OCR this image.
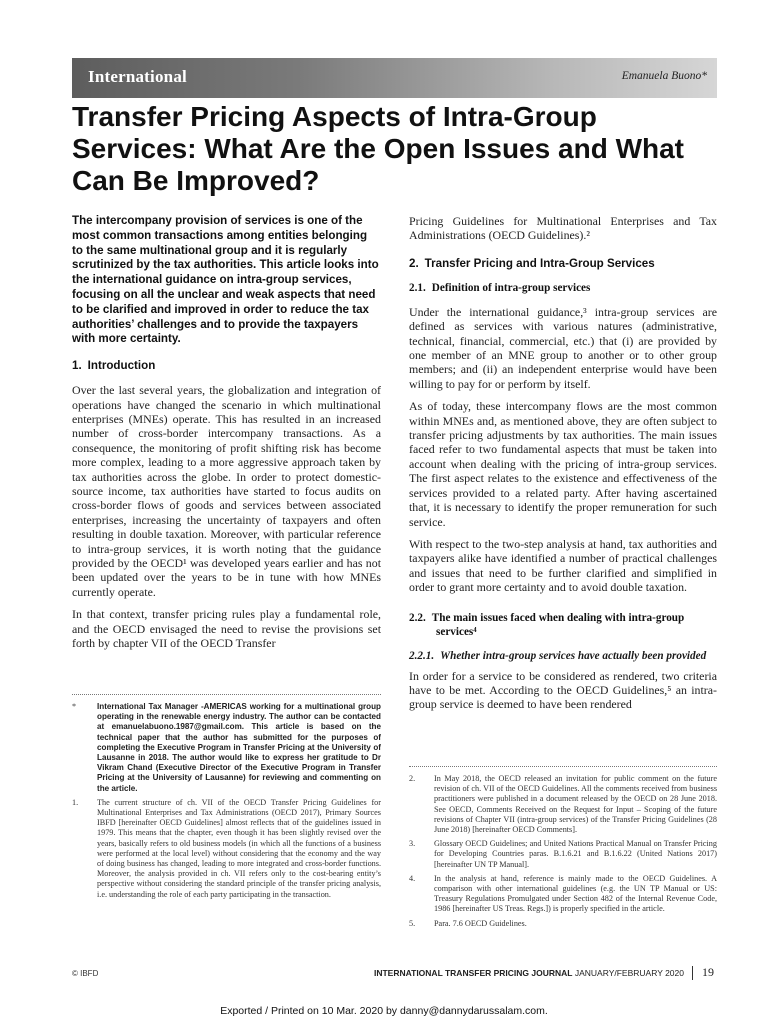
International	Emanuela Buono*
Transfer Pricing Aspects of Intra-Group Services: What Are the Open Issues and What Can Be Improved?

The intercompany provision of services is one of the most common transactions among entities belonging to the same multinational group and it is regularly scrutinized by the tax authorities. This article looks into the international guidance on intra-group services, focusing on all the unclear and weak aspects that need to be clarified and improved in order to reduce the tax authorities’ challenges and to provide the taxpayers with more certainty.

1. Introduction

Over the last several years, the globalization and integration of operations have changed the scenario in which multinational enterprises (MNEs) operate. This has resulted in an increased number of cross-border intercompany transactions. As a consequence, the monitoring of profit shifting risk has become more complex, leading to a more aggressive approach taken by tax authorities across the globe. In order to protect domestic-source income, tax authorities have started to focus audits on cross-border flows of goods and services between associated enterprises, increasing the uncertainty of taxpayers and often resulting in double taxation. Moreover, with particular reference to intra-group services, it is worth noting that the guidance provided by the OECD¹ was developed years earlier and has not been updated over the years to be in tune with how MNEs currently operate.

In that context, transfer pricing rules play a fundamental role, and the OECD envisaged the need to revise the provisions set forth by chapter VII of the OECD Transfer

Pricing Guidelines for Multinational Enterprises and Tax Administrations (OECD Guidelines).²

2. Transfer Pricing and Intra-Group Services
2.1. Definition of intra-group services

Under the international guidance,³ intra-group services are defined as services with various natures (administrative, technical, financial, commercial, etc.) that (i) are provided by one member of an MNE group to another or to other group members; and (ii) an independent enterprise would have been willing to pay for or perform by itself.

As of today, these intercompany flows are the most common within MNEs and, as mentioned above, they are often subject to transfer pricing adjustments by tax authorities. The main issues faced refer to two fundamental aspects that must be taken into account when dealing with the pricing of intra-group services. The first aspect relates to the existence and effectiveness of the services provided to a related party. After having ascertained that, it is necessary to identify the proper remuneration for such service.

With respect to the two-step analysis at hand, tax authorities and taxpayers alike have identified a number of practical challenges and issues that need to be further clarified and simplified in order to grant more certainty and to avoid double taxation.

2.2. The main issues faced when dealing with intra-group services⁴
2.2.1. Whether intra-group services have actually been provided

In order for a service to be considered as rendered, two criteria have to be met. According to the OECD Guidelines,⁵ an intra-group service is deemed to have been rendered

*	International Tax Manager -AMERICAS working for a multinational group operating in the renewable energy industry. The author can be contacted at emanuelabuono.1987@gmail.com. This article is based on the technical paper that the author has submitted for the purposes of completing the Executive Program in Transfer Pricing at the University of Lausanne in 2018. The author would like to express her gratitude to Dr Vikram Chand (Executive Director of the Executive Program in Transfer Pricing at the University of Lausanne) for reviewing and commenting on the article.
1.	The current structure of ch. VII of the OECD Transfer Pricing Guidelines for Multinational Enterprises and Tax Administrations (OECD 2017), Primary Sources IBFD [hereinafter OECD Guidelines] almost reflects that of the guidelines issued in 1979. This means that the chapter, even though it has been slightly revised over the years, basically refers to old business models (in which all the functions of a business were performed at the local level) without considering that the economy and the way of doing business has changed, leading to more integrated and cross-border functions. Moreover, the analysis provided in ch. VII refers only to the cost-bearing entity’s perspective without considering the standard principle of the transfer pricing analysis, i.e. understanding the role of each party participating in the transaction.
2.	In May 2018, the OECD released an invitation for public comment on the future revision of ch. VII of the OECD Guidelines. All the comments received from business practitioners were published in a document released by the OECD on 28 June 2018. See OECD, Comments Received on the Request for Input – Scoping of the future revisions of Chapter VII (intra-group services) of the Transfer Pricing Guidelines (28 June 2018) [hereinafter OECD Comments].
3.	Glossary OECD Guidelines; and United Nations Practical Manual on Transfer Pricing for Developing Countries paras. B.1.6.21 and B.1.6.22 (United Nations 2017) [hereinafter UN TP Manual].
4.	In the analysis at hand, reference is mainly made to the OECD Guidelines. A comparison with other international guidelines (e.g. the UN TP Manual or US: Treasury Regulations Promulgated under Section 482 of the Internal Revenue Code, 1986 [hereinafter US Treas. Regs.]) is properly specified in the article.
5.	Para. 7.6 OECD Guidelines.
© IBFD	INTERNATIONAL TRANSFER PRICING JOURNAL JANUARY/FEBRUARY 2020 19
Exported / Printed on 10 Mar. 2020 by danny@dannydarussalam.com.
